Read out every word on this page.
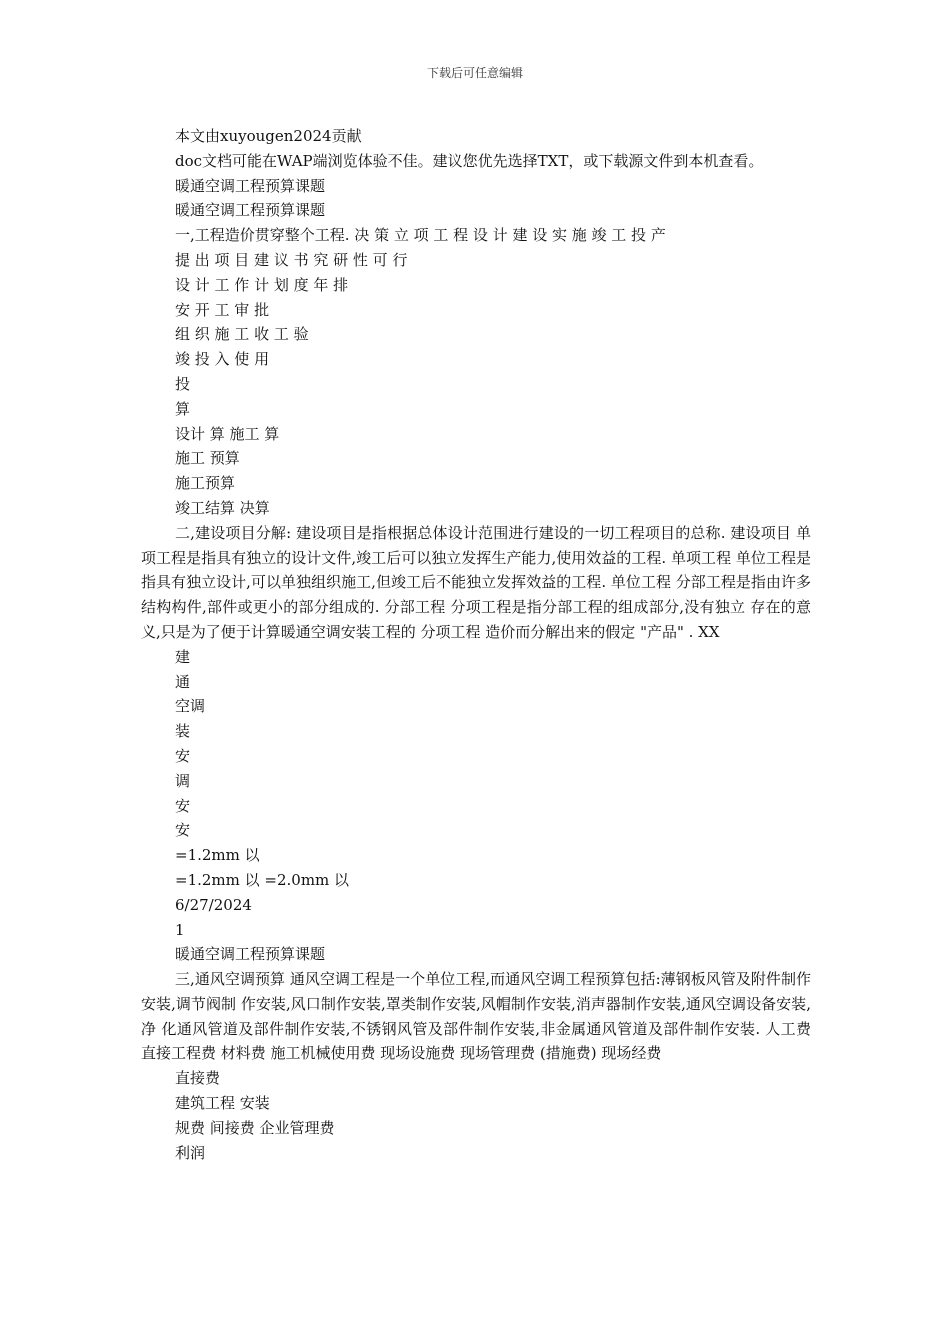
下载后可任意编辑
本文由xuyougen2024贡献
doc文档可能在WAP端浏览体验不佳。建议您优先选择TXT，或下载源文件到本机查看。
暖通空调工程预算课题
暖通空调工程预算课题
一,工程造价贯穿整个工程. 决 策 立 项 工 程 设 计 建 设 实 施 竣 工 投 产
提 出 项 目 建 议 书 究 研 性 可 行
设 计 工 作 计 划 度 年 排
安 开 工 审 批
组 织 施 工 收 工 验
竣 投 入 使 用
投
算
设计 算 施工 算
施工 预算
施工预算
竣工结算 决算
二,建设项目分解: 建设项目是指根据总体设计范围进行建设的一切工程项目的总称. 建设项目 单项工程是指具有独立的设计文件,竣工后可以独立发挥生产能力,使用效益的工程. 单项工程 单位工程是指具有独立设计,可以单独组织施工,但竣工后不能独立发挥效益的工程. 单位工程 分部工程是指由许多结构构件,部件或更小的部分组成的. 分部工程 分项工程是指分部工程的组成部分,没有独立 存在的意义,只是为了便于计算暖通空调安装工程的 分项工程 造价而分解出来的假定 "产品" . XX
建
通
空调
装
安
调
安
安
=1.2mm 以
=1.2mm 以 =2.0mm 以
6/27/2024
1
暖通空调工程预算课题
三,通风空调预算 通风空调工程是一个单位工程,而通风空调工程预算包括:薄钢板风管及附件制作安装,调节阀制 作安装,风口制作安装,罩类制作安装,风帽制作安装,消声器制作安装,通风空调设备安装,净 化通风管道及部件制作安装,不锈钢风管及部件制作安装,非金属通风管道及部件制作安装. 人工费 直接工程费 材料费 施工机械使用费 现场设施费 现场管理费 (措施费) 现场经费
直接费
建筑工程 安装
规费 间接费 企业管理费
利润
